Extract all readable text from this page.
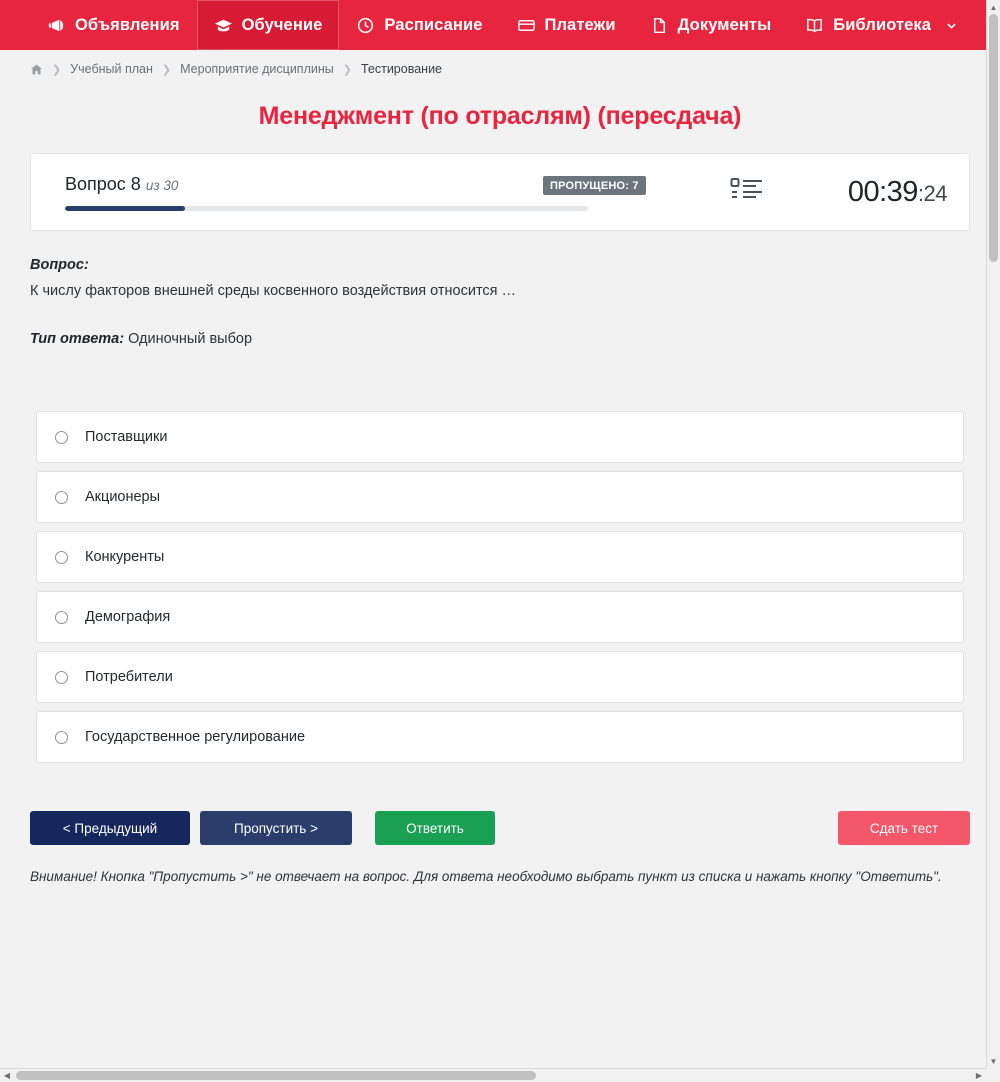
Объявления	Обучение	Расписание	Платежи	Документы	Библиотека
❯ Учебный план ❯ Мероприятие дисциплины ❯ Тестирование
Менеджмент (по отраслям) (пересдача)
Вопрос 8 из 30	ПРОПУЩЕНО: 7	00:39:24
Вопрос:
К числу факторов внешней среды косвенного воздействия относится …
Тип ответа: Одиночный выбор
Поставщики
Акционеры
Конкуренты
Демография
Потребители
Государственное регулирование
< Предыдущий	Пропустить >	Ответить	Сдать тест
Внимание! Кнопка "Пропустить >" не отвечает на вопрос. Для ответа необходимо выбрать пункт из списка и нажать кнопку "Ответить".
▲
▼
◀	▶
